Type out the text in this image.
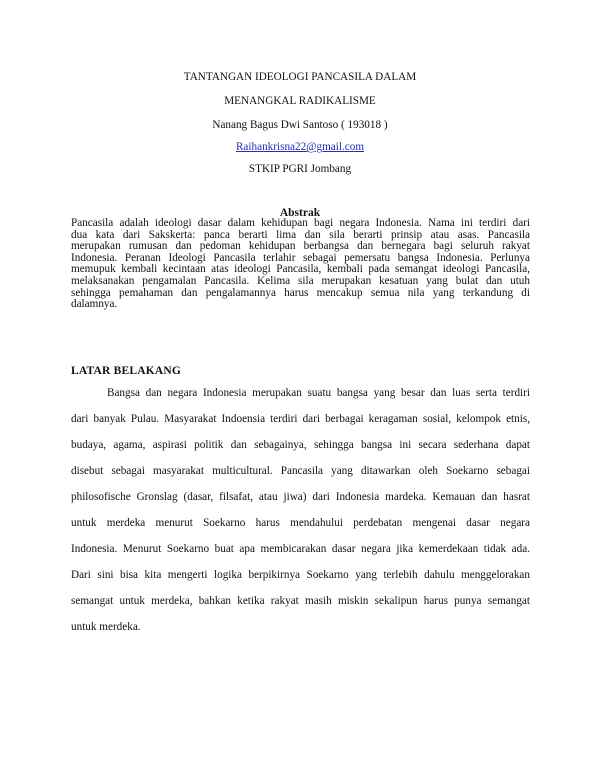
TANTANGAN IDEOLOGI PANCASILA DALAM
MENANGKAL RADIKALISME
Nanang Bagus Dwi Santoso ( 193018 )
Raihankrisna22@gmail.com
STKIP PGRI Jombang
Abstrak
Pancasila adalah ideologi dasar dalam kehidupan bagi negara Indonesia. Nama ini terdiri dari
dua kata dari Sakskerta: panca berarti lima dan sila berarti prinsip atau asas. Pancasila
merupakan rumusan dan pedoman kehidupan berbangsa dan bernegara bagi seluruh rakyat
Indonesia. Peranan Ideologi Pancasila terlahir sebagai pemersatu bangsa Indonesia. Perlunya
memupuk kembali kecintaan atas ideologi Pancasila, kembali pada semangat ideologi Pancasila,
melaksanakan pengamalan Pancasila. Kelima sila merupakan kesatuan yang bulat dan utuh
sehingga pemahaman dan pengalamannya harus mencakup semua nila yang terkandung di
dalamnya.
LATAR BELAKANG
Bangsa dan negara Indonesia merupakan suatu bangsa yang besar dan luas serta terdiri
dari banyak Pulau. Masyarakat Indoensia terdiri dari berbagai keragaman sosial, kelompok etnis,
budaya, agama, aspirasi politik dan sebagainya, sehingga bangsa ini secara sederhana dapat
disebut sebagai masyarakat multicultural. Pancasila yang ditawarkan oleh Soekarno sebagai
philosofische Gronslag (dasar, filsafat, atau jiwa) dari Indonesia mardeka. Kemauan dan hasrat
untuk merdeka menurut Soekarno harus mendahului perdebatan mengenai dasar negara
Indonesia. Menurut Soekarno buat apa membicarakan dasar negara jika kemerdekaan tidak ada.
Dari sini bisa kita mengerti logika berpikirnya Soekarno yang terlebih dahulu menggelorakan
semangat untuk merdeka, bahkan ketika rakyat masih miskin sekalipun harus punya semangat
untuk merdeka.
